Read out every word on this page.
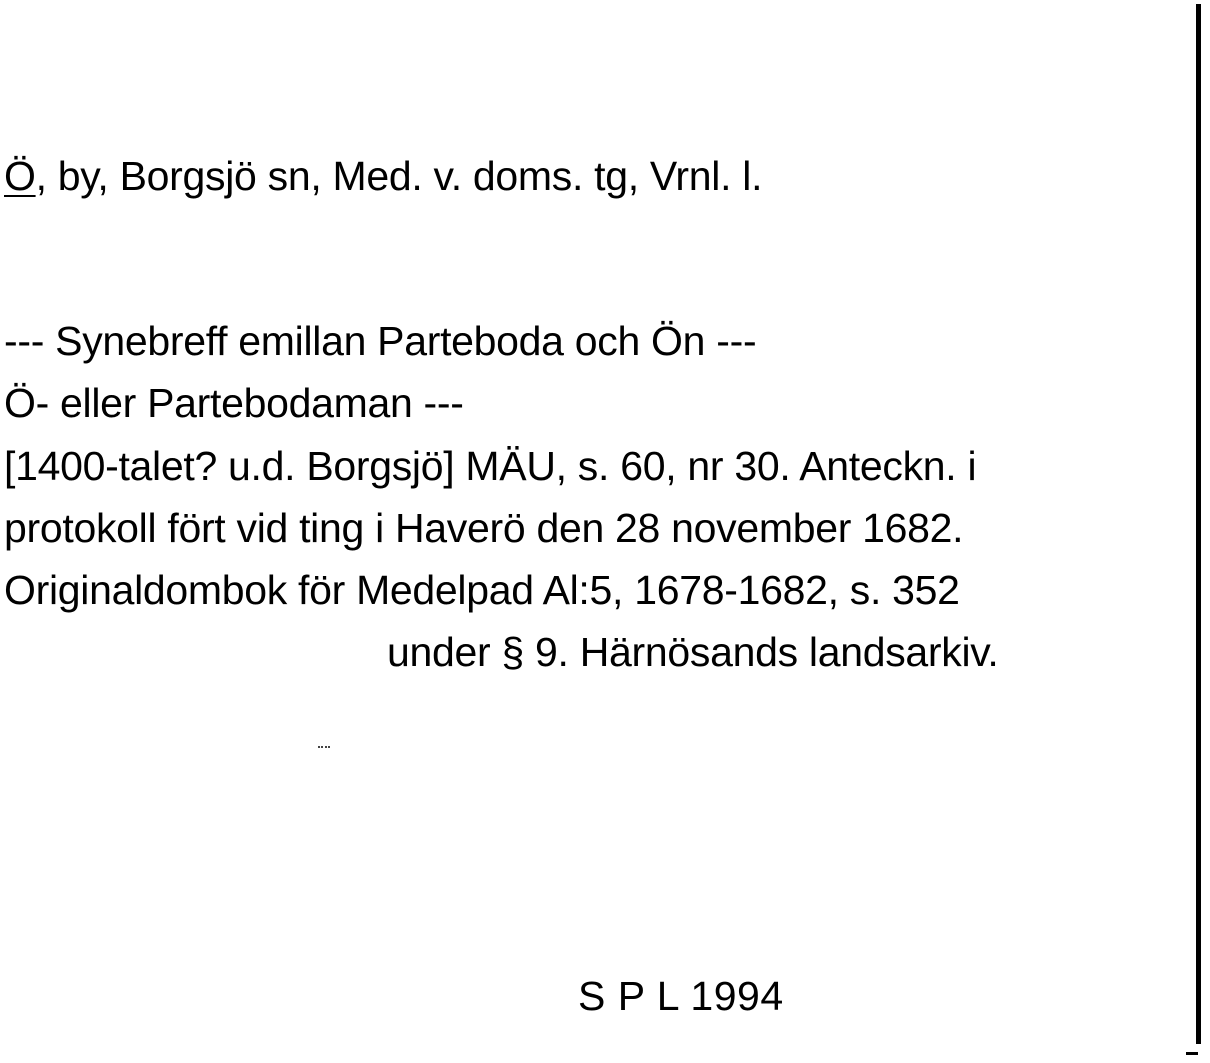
Ö, by, Borgsjö sn, Med. v. doms. tg, Vrnl. l.
--- Synebreff emillan Parteboda och Ön ---
Ö- eller Partebodaman ---
[1400-talet? u.d. Borgsjö] MÄU, s. 60, nr 30. Anteckn. i
protokoll fört vid ting i Haverö den 28 november 1682.
Originaldombok för Medelpad Al:5, 1678-1682, s. 352
under § 9. Härnösands landsarkiv.
S P L 1994
